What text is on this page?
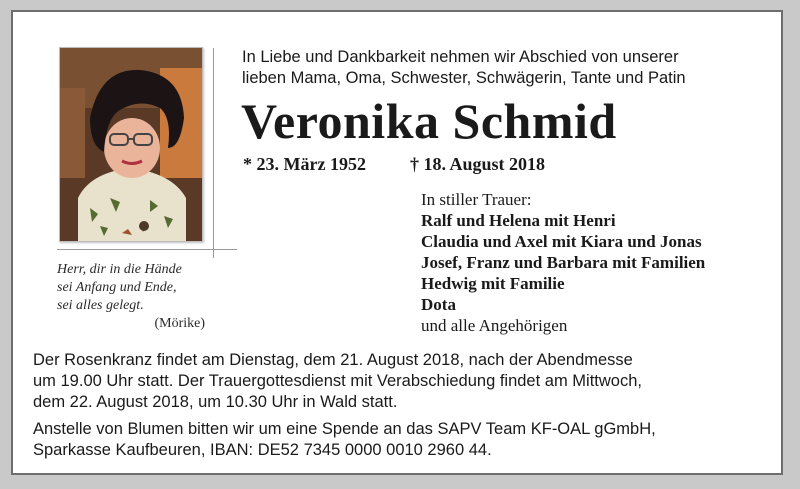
Herr, dir in die Hände
sei Anfang und Ende,
sei alles gelegt.
(Mörike)
In Liebe und Dankbarkeit nehmen wir Abschied von unserer
lieben Mama, Oma, Schwester, Schwägerin, Tante und Patin
Veronika Schmid
* 23. März 1952 † 18. August 2018
In stiller Trauer:
Ralf und Helena mit Henri
Claudia und Axel mit Kiara und Jonas
Josef, Franz und Barbara mit Familien
Hedwig mit Familie
Dota
und alle Angehörigen
Der Rosenkranz findet am Dienstag, dem 21. August 2018, nach der Abendmesse
um 19.00 Uhr statt. Der Trauergottesdienst mit Verabschiedung findet am Mittwoch,
dem 22. August 2018, um 10.30 Uhr in Wald statt.
Anstelle von Blumen bitten wir um eine Spende an das SAPV Team KF-OAL gGmbH,
Sparkasse Kaufbeuren, IBAN: DE52 7345 0000 0010 2960 44.
